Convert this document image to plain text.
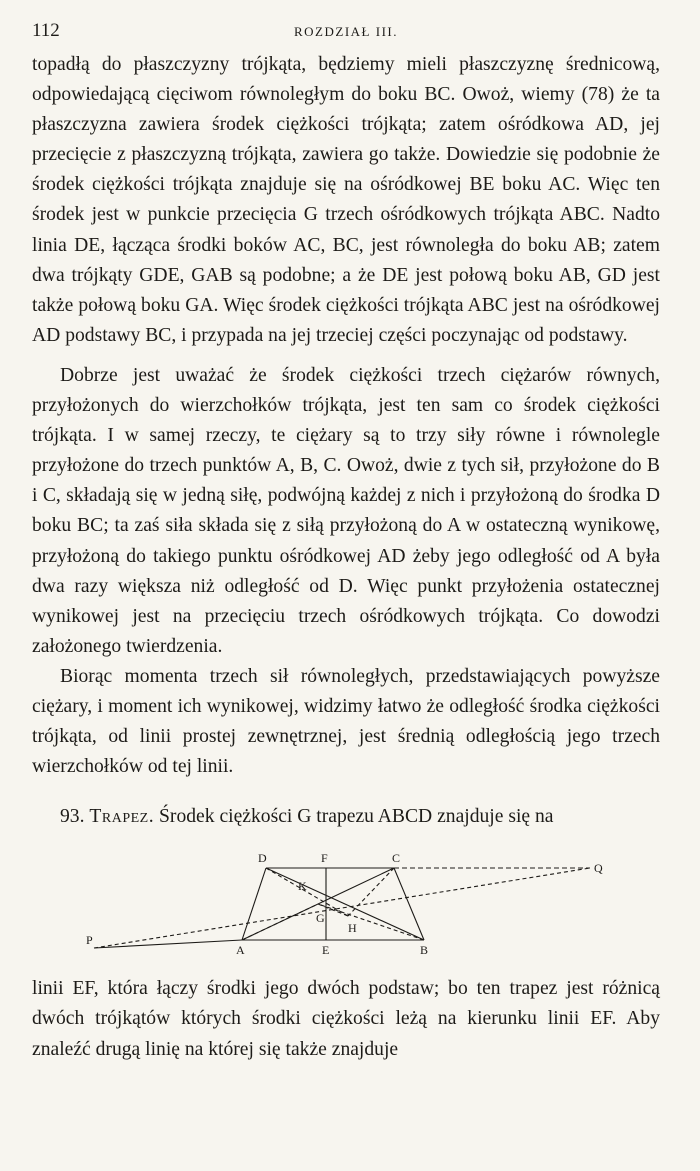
112	ROZDZIAŁ III.

topadłą do płaszczyzny trójkąta, będziemy mieli płaszczyznę średnicową, odpowiedającą cięciwom równoległym do boku BC. Owoż, wiemy (78) że ta płaszczyzna zawiera środek ciężkości trójkąta; zatem ośródkowa AD, jej przecięcie z płaszczyzną trójkąta, zawiera go także. Dowiedzie się podobnie że środek ciężkości trójkąta znajduje się na ośródkowej BE boku AC. Więc ten środek jest w punkcie przecięcia G trzech ośródkowych trójkąta ABC. Nadto linia DE, łącząca środki boków AC, BC, jest równoległa do boku AB; zatem dwa trójkąty GDE, GAB są podobne; a że DE jest połową boku AB, GD jest także połową boku GA. Więc środek ciężkości trójkąta ABC jest na ośródkowej AD podstawy BC, i przypada na jej trzeciej części poczynając od podstawy.

Dobrze jest uważać że środek ciężkości trzech ciężarów równych, przyłożonych do wierzchołków trójkąta, jest ten sam co środek ciężkości trójkąta. I w samej rzeczy, te ciężary są to trzy siły równe i równolegle przyłożone do trzech punktów A, B, C. Owoż, dwie z tych sił, przyłożone do B i C, składają się w jedną siłę, podwójną każdej z nich i przyłożoną do środka D boku BC; ta zaś siła składa się z siłą przyłożoną do A w ostateczną wynikowę, przyłożoną do takiego punktu ośródkowej AD żeby jego odległość od A była dwa razy większa niż odległość od D. Więc punkt przyłożenia ostatecznej wynikowej jest na przecięciu trzech ośródkowych trójkąta. Co dowodzi założonego twierdzenia.

Biorąc momenta trzech sił równoległych, przedstawiających powyższe ciężary, i moment ich wynikowej, widzimy łatwo że odległość środka ciężkości trójkąta, od linii prostej zewnętrznej, jest średnią odległością jego trzech wierzchołków od tej linii.

93. Trapez. Środek ciężkości G trapezu ABCD znajduje się na

D	F	C
Q
K
G
H
P
A	E	B

linii EF, która łączy środki jego dwóch podstaw; bo ten trapez jest różnicą dwóch trójkątów których środki ciężkości leżą na kierunku linii EF. Aby znaleźć drugą linię na której się także znajduje
